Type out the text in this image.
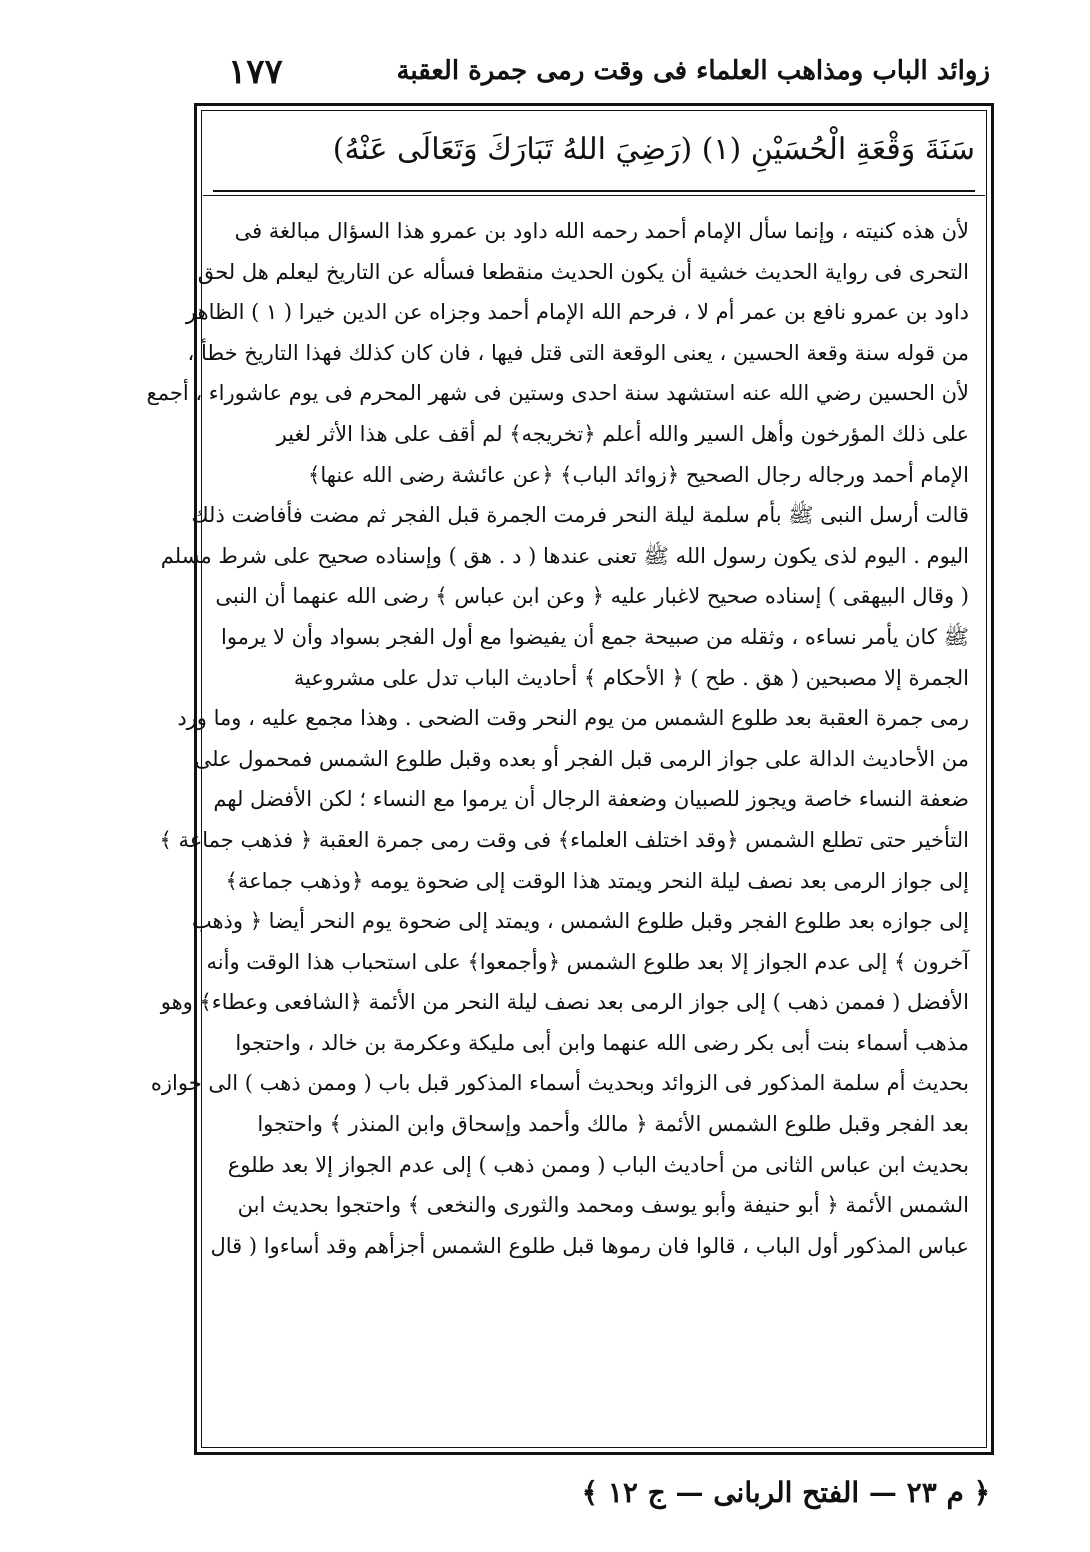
زوائد الباب ومذاهب العلماء فى وقت رمى جمرة العقبة
١٧٧
سَنَةَ وَقْعَةِ الْحُسَيْنِ (١) (رَضِيَ اللهُ تَبَارَكَ وَتَعَالَى عَنْهُ)
لأن هذه كنيته ، وإنما سأل الإمام أحمد رحمه الله داود بن عمرو هذا السؤال مبالغة فى
التحرى فى رواية الحديث خشية أن يكون الحديث منقطعا فسأله عن التاريخ ليعلم هل لحق
داود بن عمرو نافع بن عمر أم لا ، فرحم الله الإمام أحمد وجزاه عن الدين خيرا ( ١ ) الظاهر
من قوله سنة وقعة الحسين ، يعنى الوقعة التى قتل فيها ، فان كان كذلك فهذا التاريخ خطأ ،
لأن الحسين رضي الله عنه استشهد سنة احدى وستين فى شهر المحرم فى يوم عاشوراء ، أجمع
على ذلك المؤرخون وأهل السير والله أعلم ﴿تخريجه﴾ لم أقف على هذا الأثر لغير
الإمام أحمد ورجاله رجال الصحيح ﴿زوائد الباب﴾ ﴿عن عائشة رضى الله عنها﴾
قالت أرسل النبى ﷺ بأم سلمة ليلة النحر فرمت الجمرة قبل الفجر ثم مضت فأفاضت ذلك
اليوم . اليوم لذى يكون رسول الله ﷺ تعنى عندها ( د . هق ) وإسناده صحيح على شرط مسلم
( وقال البيهقى ) إسناده صحيح لاغبار عليه ﴿ وعن ابن عباس ﴾ رضى الله عنهما أن النبى
ﷺ كان يأمر نساءه ، وثقله من صبيحة جمع أن يفيضوا مع أول الفجر بسواد وأن لا يرموا
الجمرة إلا مصبحين ( هق . طح ) ﴿ الأحكام ﴾ أحاديث الباب تدل على مشروعية
رمى جمرة العقبة بعد طلوع الشمس من يوم النحر وقت الضحى . وهذا مجمع عليه ، وما ورد
من الأحاديث الدالة على جواز الرمى قبل الفجر أو بعده وقبل طلوع الشمس فمحمول على
ضعفة النساء خاصة ويجوز للصبيان وضعفة الرجال أن يرموا مع النساء ؛ لكن الأفضل لهم
التأخير حتى تطلع الشمس ﴿وقد اختلف العلماء﴾ فى وقت رمى جمرة العقبة ﴿ فذهب جماعة ﴾
إلى جواز الرمى بعد نصف ليلة النحر ويمتد هذا الوقت إلى ضحوة يومه ﴿وذهب جماعة﴾
إلى جوازه بعد طلوع الفجر وقبل طلوع الشمس ، ويمتد إلى ضحوة يوم النحر أيضا ﴿ وذهب
آخرون ﴾ إلى عدم الجواز إلا بعد طلوع الشمس ﴿وأجمعوا﴾ على استحباب هذا الوقت وأنه
الأفضل ( فممن ذهب ) إلى جواز الرمى بعد نصف ليلة النحر من الأئمة ﴿الشافعى وعطاء﴾ وهو
مذهب أسماء بنت أبى بكر رضى الله عنهما وابن أبى مليكة وعكرمة بن خالد ، واحتجوا
بحديث أم سلمة المذكور فى الزوائد وبحديث أسماء المذكور قبل باب ( وممن ذهب ) الى جوازه
بعد الفجر وقبل طلوع الشمس الأئمة ﴿ مالك وأحمد وإسحاق وابن المنذر ﴾ واحتجوا
بحديث ابن عباس الثانى من أحاديث الباب ( وممن ذهب ) إلى عدم الجواز إلا بعد طلوع
الشمس الأئمة ﴿ أبو حنيفة وأبو يوسف ومحمد والثورى والنخعى ﴾ واحتجوا بحديث ابن
عباس المذكور أول الباب ، قالوا فان رموها قبل طلوع الشمس أجزأهم وقد أساءوا ( قال
﴿ م ٢٣ — الفتح الربانى — ج ١٢ ﴾
